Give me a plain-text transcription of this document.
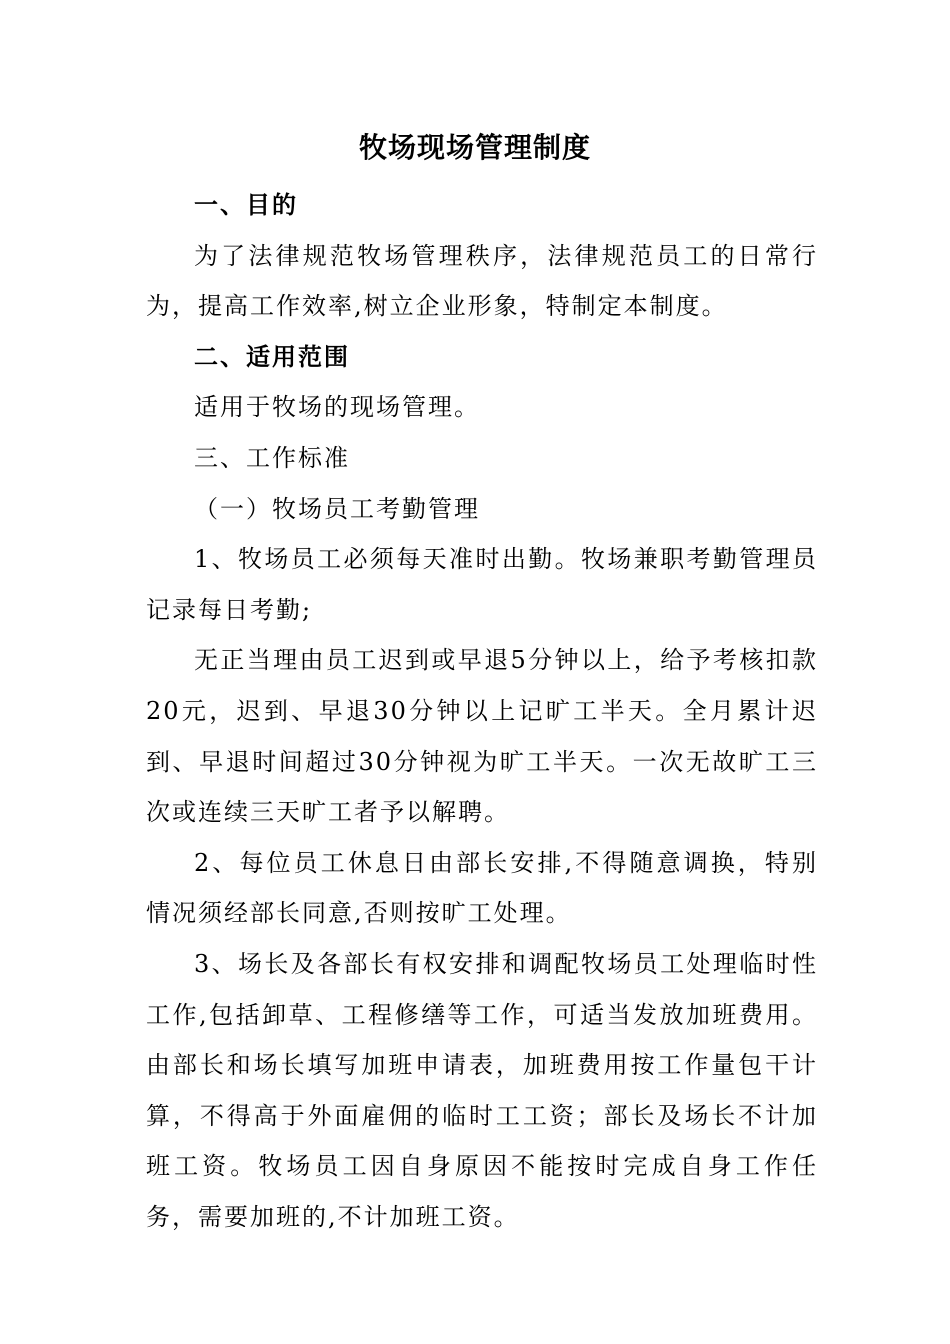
牧场现场管理制度

一、目的

为了法律规范牧场管理秩序，法律规范员工的日常行为，提高工作效率,树立企业形象，特制定本制度。

二、适用范围

适用于牧场的现场管理。

三、工作标准

（一）牧场员工考勤管理

1、牧场员工必须每天准时出勤。牧场兼职考勤管理员记录每日考勤;

无正当理由员工迟到或早退5分钟以上，给予考核扣款20元，迟到、早退30分钟以上记旷工半天。全月累计迟到、早退时间超过30分钟视为旷工半天。一次无故旷工三次或连续三天旷工者予以解聘。

2、每位员工休息日由部长安排,不得随意调换，特别情况须经部长同意,否则按旷工处理。

3、场长及各部长有权安排和调配牧场员工处理临时性工作,包括卸草、工程修缮等工作，可适当发放加班费用。由部长和场长填写加班申请表，加班费用按工作量包干计算，不得高于外面雇佣的临时工工资；部长及场长不计加班工资。牧场员工因自身原因不能按时完成自身工作任务，需要加班的,不计加班工资。
